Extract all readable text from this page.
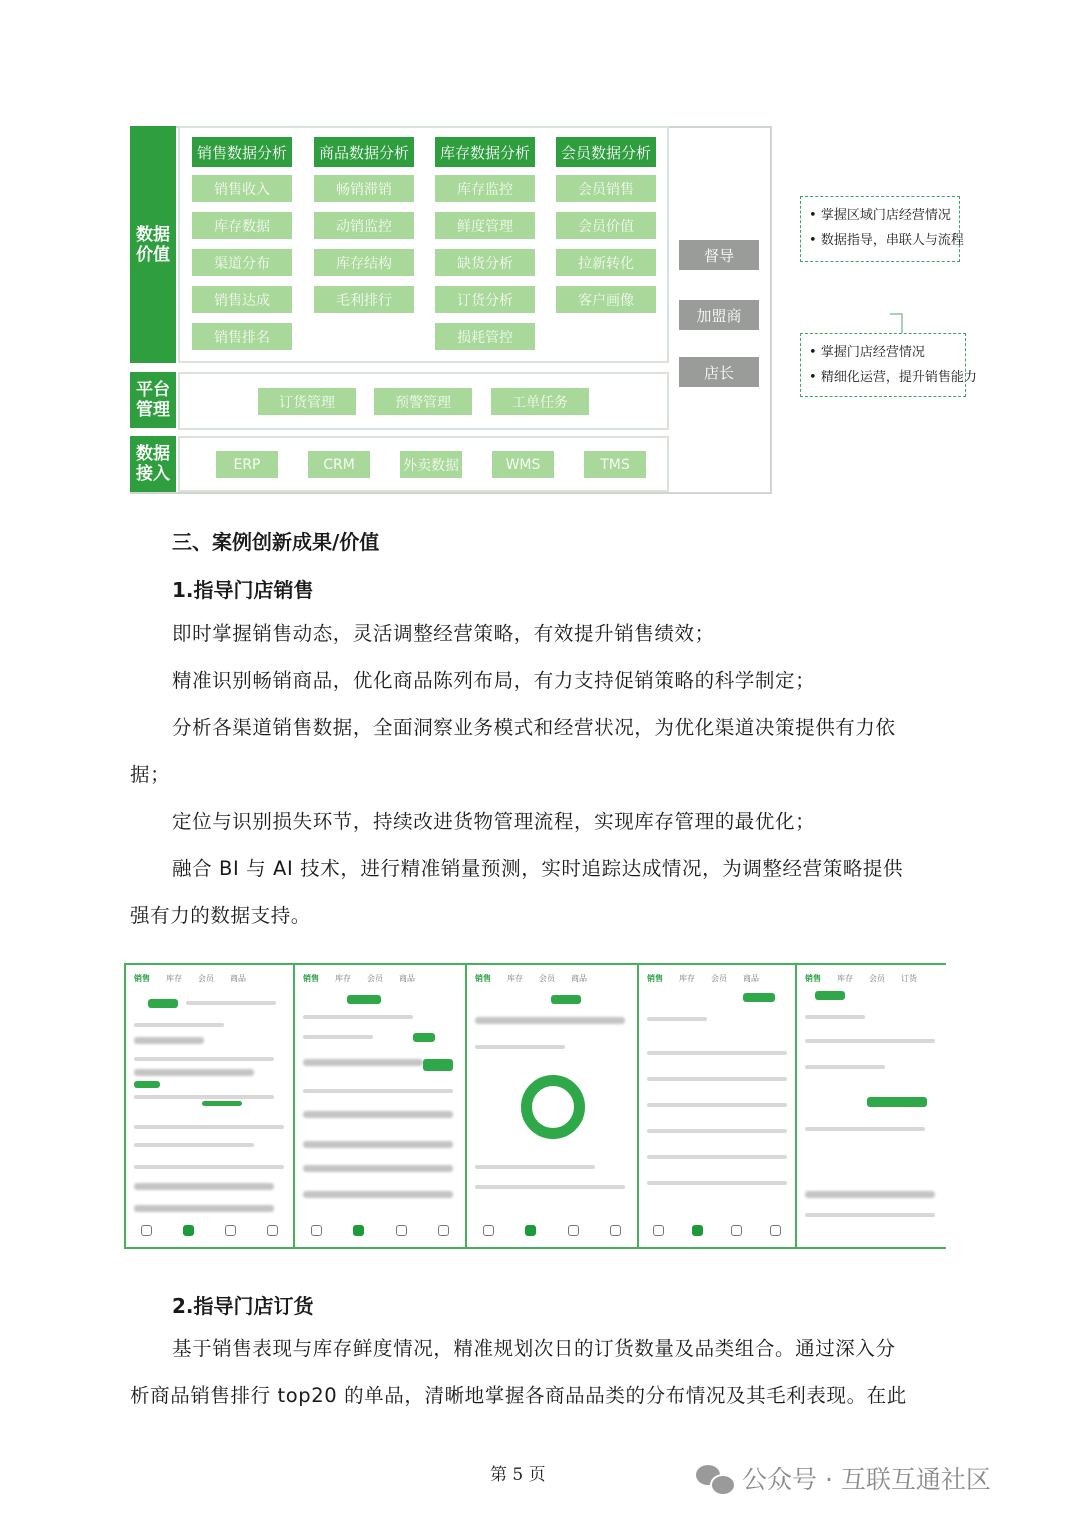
数据
价值
平台
管理
数据
接入
销售数据分析
销售收入
库存数据
渠道分布
销售达成
销售排名
商品数据分析
畅销滞销
动销监控
库存结构
毛利排行
库存数据分析
库存监控
鲜度管理
缺货分析
订货分析
损耗管控
会员数据分析
会员销售
会员价值
拉新转化
客户画像
订货管理	预警管理	工单任务
ERP	CRM	外卖数据	WMS	TMS
督导
加盟商
店长
• 掌握区域门店经营情况
• 数据指导，串联人与流程
• 掌握门店经营情况
• 精细化运营，提升销售能力
三、案例创新成果/价值
1.指导门店销售
即时掌握销售动态，灵活调整经营策略，有效提升销售绩效；
精准识别畅销商品，优化商品陈列布局，有力支持促销策略的科学制定；
分析各渠道销售数据，全面洞察业务模式和经营状况，为优化渠道决策提供有力依
据；
定位与识别损失环节，持续改进货物管理流程，实现库存管理的最优化；
融合 BI 与 AI 技术，进行精准销量预测，实时追踪达成情况，为调整经营策略提供
强有力的数据支持。
销售 库存 会员 商品	销售 库存 会员 商品	销售 库存 会员 商品	销售 库存 会员 商品	销售 库存 会员 订货
2.指导门店订货
基于销售表现与库存鲜度情况，精准规划次日的订货数量及品类组合。通过深入分
析商品销售排行 top20 的单品，清晰地掌握各商品品类的分布情况及其毛利表现。在此
第 5 页	公众号 · 互联互通社区
